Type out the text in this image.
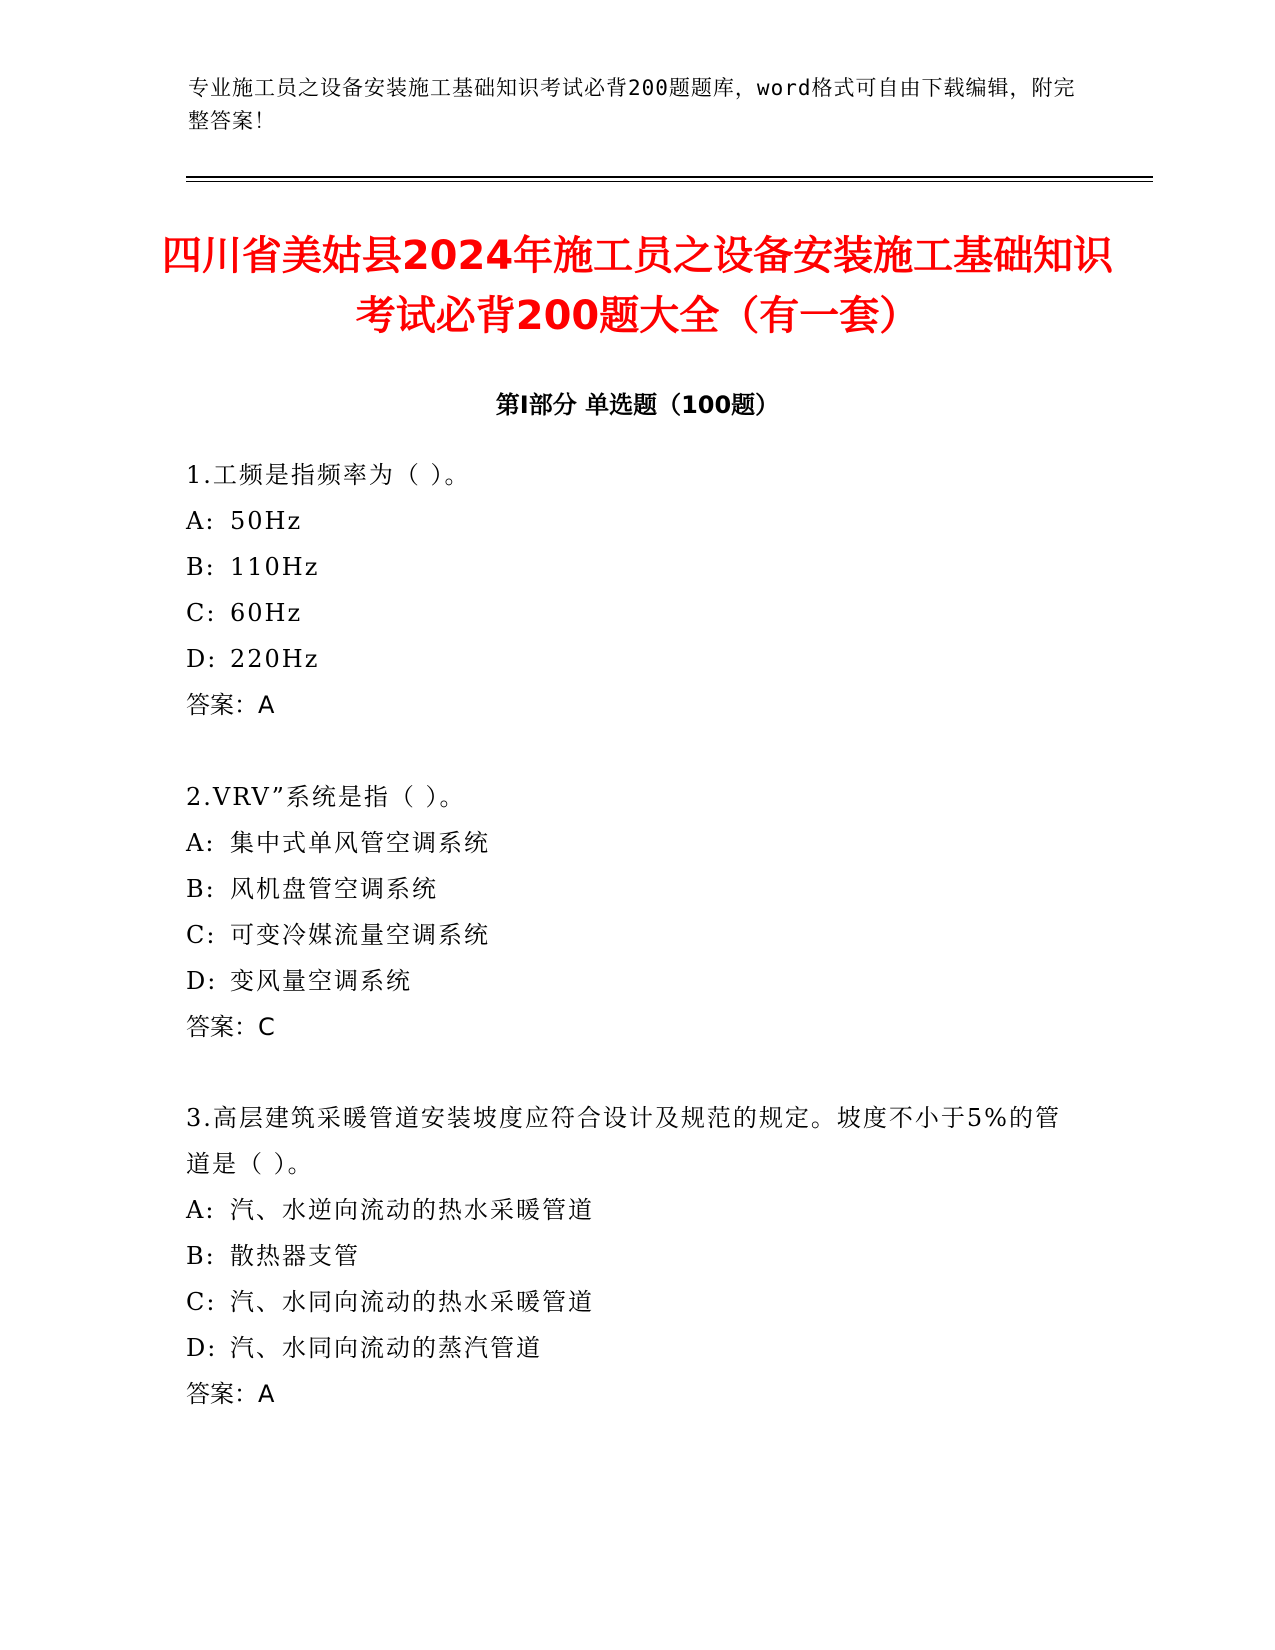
专业施工员之设备安装施工基础知识考试必背200题题库，word格式可自由下载编辑，附完整答案！
四川省美姑县2024年施工员之设备安装施工基础知识考试必背200题大全（有一套）
第Ⅰ部分 单选题（100题）
1.工频是指频率为（ ）。
A: 50Hz
B: 110Hz
C: 60Hz
D: 220Hz
答案：A
2.VRV”系统是指（ ）。
A: 集中式单风管空调系统
B: 风机盘管空调系统
C: 可变冷媒流量空调系统
D: 变风量空调系统
答案：C
3.高层建筑采暖管道安装坡度应符合设计及规范的规定。坡度不小于5%的管道是（ ）。
A: 汽、水逆向流动的热水采暖管道
B: 散热器支管
C: 汽、水同向流动的热水采暖管道
D: 汽、水同向流动的蒸汽管道
答案：A
